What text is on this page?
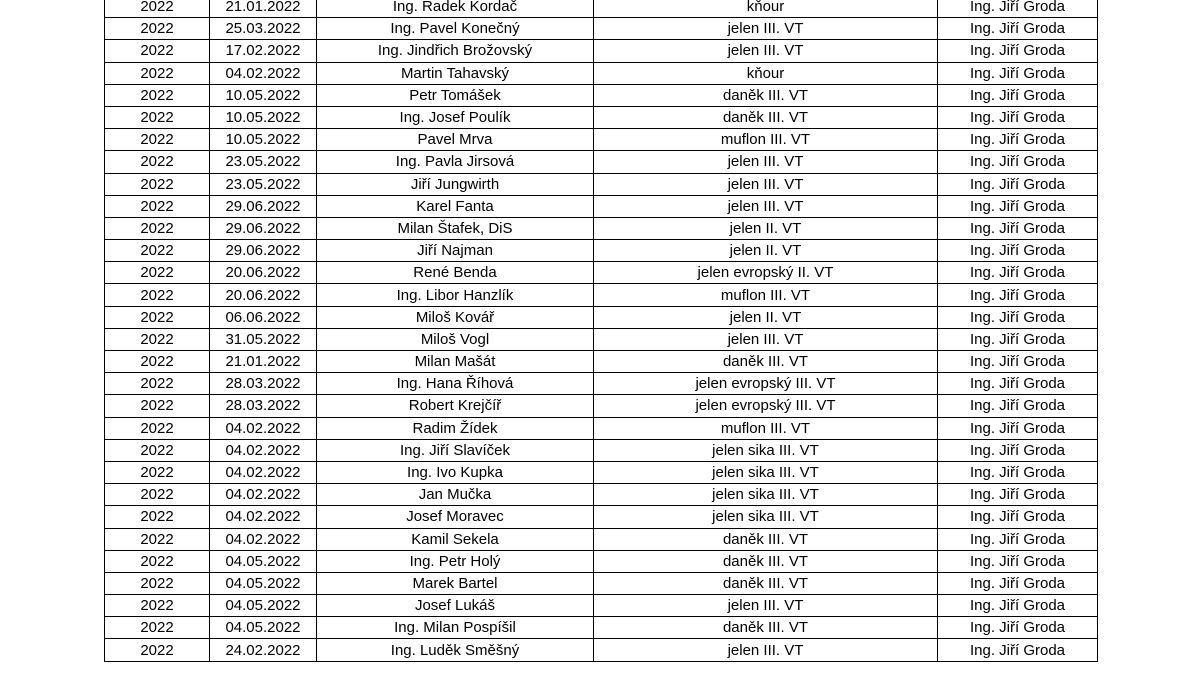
2022	21.01.2022	Ing. Radek Kordač	kňour	Ing. Jiří Groda
2022	25.03.2022	Ing. Pavel Konečný	jelen III. VT	Ing. Jiří Groda
2022	17.02.2022	Ing. Jindřich Brožovský	jelen III. VT	Ing. Jiří Groda
2022	04.02.2022	Martin Tahavský	kňour	Ing. Jiří Groda
2022	10.05.2022	Petr Tomášek	daněk III. VT	Ing. Jiří Groda
2022	10.05.2022	Ing. Josef Poulík	daněk III. VT	Ing. Jiří Groda
2022	10.05.2022	Pavel Mrva	muflon III. VT	Ing. Jiří Groda
2022	23.05.2022	Ing. Pavla Jirsová	jelen III. VT	Ing. Jiří Groda
2022	23.05.2022	Jiří Jungwirth	jelen III. VT	Ing. Jiří Groda
2022	29.06.2022	Karel Fanta	jelen III. VT	Ing. Jiří Groda
2022	29.06.2022	Milan Štafek, DiS	jelen II. VT	Ing. Jiří Groda
2022	29.06.2022	Jiří Najman	jelen II. VT	Ing. Jiří Groda
2022	20.06.2022	René Benda	jelen evropský II. VT	Ing. Jiří Groda
2022	20.06.2022	Ing. Libor Hanzlík	muflon III. VT	Ing. Jiří Groda
2022	06.06.2022	Miloš Kovář	jelen II. VT	Ing. Jiří Groda
2022	31.05.2022	Miloš Vogl	jelen III. VT	Ing. Jiří Groda
2022	21.01.2022	Milan Mašát	daněk III. VT	Ing. Jiří Groda
2022	28.03.2022	Ing. Hana Říhová	jelen evropský III. VT	Ing. Jiří Groda
2022	28.03.2022	Robert Krejčíř	jelen evropský III. VT	Ing. Jiří Groda
2022	04.02.2022	Radim Žídek	muflon III. VT	Ing. Jiří Groda
2022	04.02.2022	Ing. Jiří Slavíček	jelen sika III. VT	Ing. Jiří Groda
2022	04.02.2022	Ing. Ivo Kupka	jelen sika III. VT	Ing. Jiří Groda
2022	04.02.2022	Jan Mučka	jelen sika III. VT	Ing. Jiří Groda
2022	04.02.2022	Josef Moravec	jelen sika III. VT	Ing. Jiří Groda
2022	04.02.2022	Kamil Sekela	daněk III. VT	Ing. Jiří Groda
2022	04.05.2022	Ing. Petr Holý	daněk III. VT	Ing. Jiří Groda
2022	04.05.2022	Marek Bartel	daněk III. VT	Ing. Jiří Groda
2022	04.05.2022	Josef Lukáš	jelen III. VT	Ing. Jiří Groda
2022	04.05.2022	Ing. Milan Pospíšil	daněk III. VT	Ing. Jiří Groda
2022	24.02.2022	Ing. Luděk Směšný	jelen III. VT	Ing. Jiří Groda
